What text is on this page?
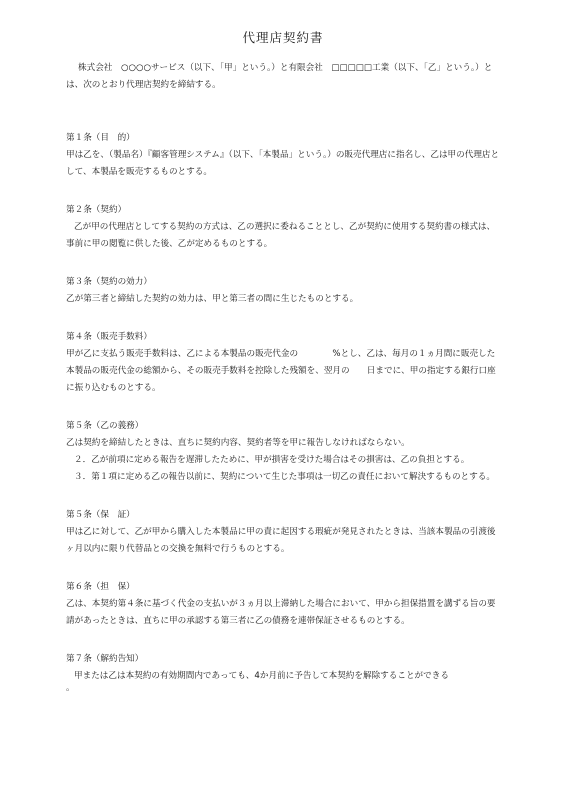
代理店契約書
株式会社　○○○○サービス（以下、「甲」という。）と有限会社　□□□□□工業（以下、「乙」という。）とは、次のとおり代理店契約を締結する。
第１条（目　的）
甲は乙を、（製品名）『顧客管理システム』（以下、「本製品」という。）の販売代理店に指名し、乙は甲の代理店として、本製品を販売するものとする。
第２条（契約）
乙が甲の代理店としてする契約の方式は、乙の選択に委ねることとし、乙が契約に使用する契約書の様式は、事前に甲の閲覧に供した後、乙が定めるものとする。
第３条（契約の効力）
乙が第三者と締結した契約の効力は、甲と第三者の間に生じたものとする。
第４条（販売手数料）
甲が乙に支払う販売手数料は、乙による本製品の販売代金の　　　　%とし、乙は、毎月の１ヵ月間に販売した本製品の販売代金の総額から、その販売手数料を控除した残額を、翌月の　　日までに、甲の指定する銀行口座に振り込むものとする。
第５条（乙の義務）
乙は契約を締結したときは、直ちに契約内容、契約者等を甲に報告しなければならない。
２．乙が前項に定める報告を遅滞したために、甲が損害を受けた場合はその損害は、乙の負担とする。
３．第１項に定める乙の報告以前に、契約について生じた事項は一切乙の責任において解決するものとする。
第５条（保　証）
甲は乙に対して、乙が甲から購入した本製品に甲の責に起因する瑕疵が発見されたときは、当該本製品の引渡後　ヶ月以内に限り代替品との交換を無料で行うものとする。
第６条（担　保）
乙は、本契約第４条に基づく代金の支払いが３ヵ月以上滞納した場合において、甲から担保措置を講ずる旨の要請があったときは、直ちに甲の承認する第三者に乙の債務を連帯保証させるものとする。
第７条（解約告知）
甲または乙は本契約の有効期間内であっても、4か月前に予告して本契約を解除することができる
。
